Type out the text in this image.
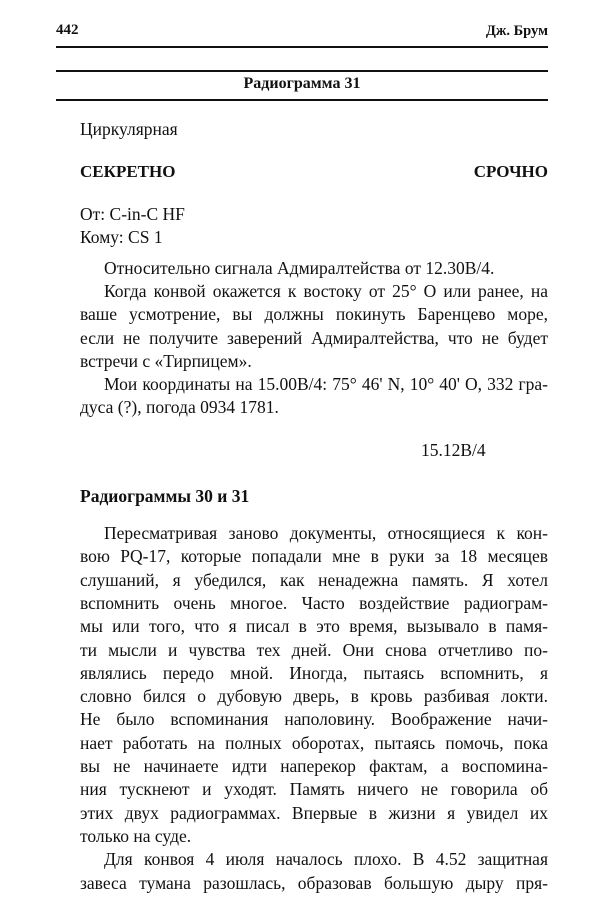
442	Дж. Брум
Радиограмма 31
Циркулярная
СЕКРЕТНО	СРОЧНО
От: C-in-C HF
Кому: CS 1
Относительно сигнала Адмиралтейства от 12.30B/4.
Когда конвой окажется к востоку от 25° О или ранее, на
ваше усмотрение, вы должны покинуть Баренцево море,
если не получите заверений Адмиралтейства, что не будет
встречи с «Тирпицем».
Мои координаты на 15.00B/4: 75° 46' N, 10° 40' О, 332 гра-
дуса (?), погода 0934 1781.
15.12B/4
Радиограммы 30 и 31
Пересматривая заново документы, относящиеся к кон-
вою PQ-17, которые попадали мне в руки за 18 месяцев
слушаний, я убедился, как ненадежна память. Я хотел
вспомнить очень многое. Часто воздействие радиограм-
мы или того, что я писал в это время, вызывало в памя-
ти мысли и чувства тех дней. Они снова отчетливо по-
являлись передо мной. Иногда, пытаясь вспомнить, я
словно бился о дубовую дверь, в кровь разбивая локти.
Не было вспоминания наполовину. Воображение начи-
нает работать на полных оборотах, пытаясь помочь, пока
вы не начинаете идти наперекор фактам, а воспомина-
ния тускнеют и уходят. Память ничего не говорила об
этих двух радиограммах. Впервые в жизни я увидел их
только на суде.
Для конвоя 4 июля началось плохо. В 4.52 защитная
завеса тумана разошлась, образовав большую дыру пря-
